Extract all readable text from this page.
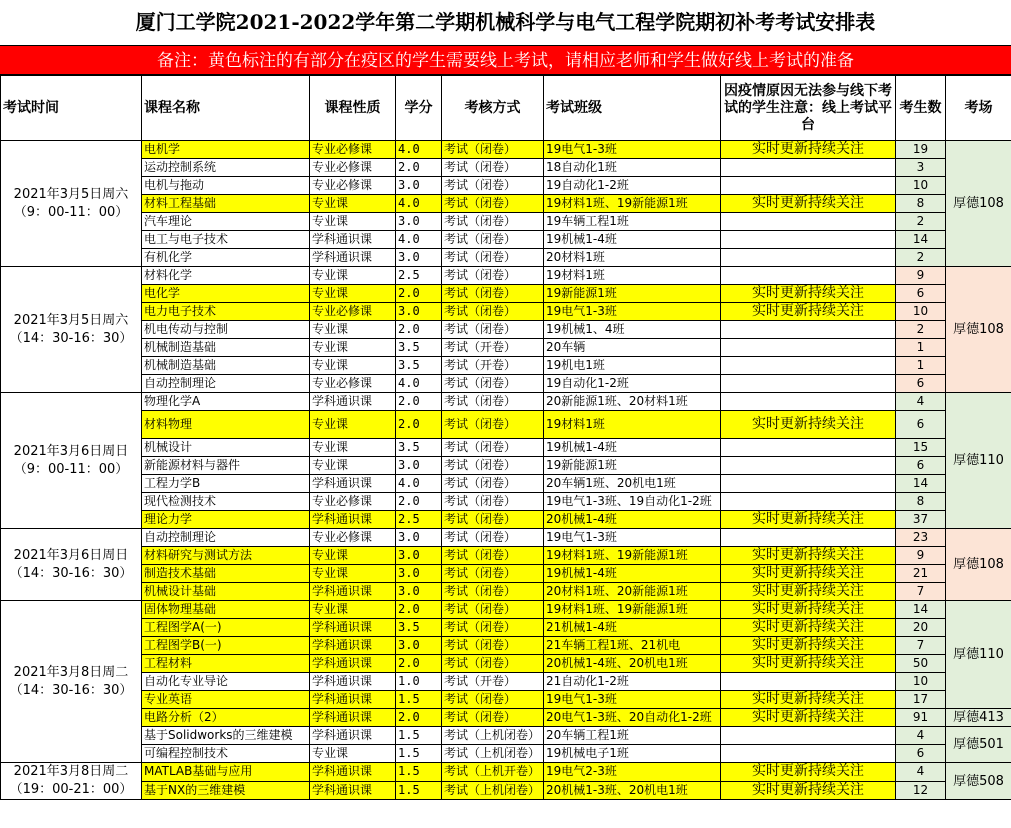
厦门工学院2021-2022学年第二学期机械科学与电气工程学院期初补考考试安排表
备注：黄色标注的有部分在疫区的学生需要线上考试，请相应老师和学生做好线上考试的准备
考试时间	课程名称	课程性质	学分	考核方式	考试班级	因疫情原因无法参与线下考试的学生注意：线上考试平台	考生数	考场
2021年3月5日周六（9：00-11：00）	电机学	专业必修课	4.0	考试（闭卷）	19电气1-3班	实时更新持续关注	19	厚德108
	运动控制系统	专业必修课	2.0	考试（闭卷）	18自动化1班		3	
	电机与拖动	专业必修课	3.0	考试（闭卷）	19自动化1-2班		10	
	材料工程基础	专业课	4.0	考试（闭卷）	19材料1班、19新能源1班	实时更新持续关注	8	
	汽车理论	专业课	3.0	考试（闭卷）	19车辆工程1班		2	
	电工与电子技术	学科通识课	4.0	考试（闭卷）	19机械1-4班		14	
	有机化学	学科通识课	3.0	考试（闭卷）	20材料1班		2	
2021年3月5日周六（14：30-16：30）	材料化学	专业课	2.5	考试（闭卷）	19材料1班		9	厚德108
	电化学	专业课	2.0	考试（闭卷）	19新能源1班	实时更新持续关注	6	
	电力电子技术	专业必修课	3.0	考试（闭卷）	19电气1-3班	实时更新持续关注	10	
	机电传动与控制	专业课	2.0	考试（闭卷）	19机械1、4班		2	
	机械制造基础	专业课	3.5	考试（开卷）	20车辆		1	
	机械制造基础	专业课	3.5	考试（开卷）	19机电1班		1	
	自动控制理论	专业必修课	4.0	考试（闭卷）	19自动化1-2班		6	
2021年3月6日周日（9：00-11：00）	物理化学A	学科通识课	2.0	考试（闭卷）	20新能源1班、20材料1班		4	厚德110
	材料物理	专业课	2.0	考试（闭卷）	19材料1班	实时更新持续关注	6	
	机械设计	专业课	3.5	考试（闭卷）	19机械1-4班		15	
	新能源材料与器件	专业课	3.0	考试（闭卷）	19新能源1班		6	
	工程力学B	学科通识课	4.0	考试（闭卷）	20车辆1班、20机电1班		14	
	现代检测技术	专业必修课	2.0	考试（闭卷）	19电气1-3班、19自动化1-2班		8	
	理论力学	学科通识课	2.5	考试（闭卷）	20机械1-4班	实时更新持续关注	37	
2021年3月6日周日（14：30-16：30）	自动控制理论	专业必修课	3.0	考试（闭卷）	19电气1-3班		23	厚德108
	材料研究与测试方法	专业课	3.0	考试（闭卷）	19材料1班、19新能源1班	实时更新持续关注	9	
	制造技术基础	专业课	3.0	考试（闭卷）	19机械1-4班	实时更新持续关注	21	
	机械设计基础	学科通识课	3.0	考试（闭卷）	20材料1班、20新能源1班	实时更新持续关注	7	
2021年3月8日周二（14：30-16：30）	固体物理基础	专业课	2.0	考试（闭卷）	19材料1班、19新能源1班	实时更新持续关注	14	厚德110
	工程图学A(一)	学科通识课	3.5	考试（闭卷）	21机械1-4班	实时更新持续关注	20	
	工程图学B(一)	学科通识课	3.0	考试（闭卷）	21车辆工程1班、21机电	实时更新持续关注	7	
	工程材料	学科通识课	2.0	考试（闭卷）	20机械1-4班、20机电1班	实时更新持续关注	50	
	自动化专业导论	学科通识课	1.0	考试（开卷）	21自动化1-2班		10	
	专业英语	学科通识课	1.5	考试（闭卷）	19电气1-3班	实时更新持续关注	17	
	电路分析（2）	学科通识课	2.0	考试（闭卷）	20电气1-3班、20自动化1-2班	实时更新持续关注	91	厚德413
	基于Solidworks的三维建模	学科通识课	1.5	考试（上机闭卷）	20车辆工程1班		4	厚德501
	可编程控制技术	专业课	1.5	考试（上机闭卷）	19机械电子1班		6	
2021年3月8日周二（19：00-21：00）	MATLAB基础与应用	学科通识课	1.5	考试（上机开卷）	19电气2-3班	实时更新持续关注	4	厚德508
	基于NX的三维建模	学科通识课	1.5	考试（上机闭卷）	20机械1-3班、20机电1班	实时更新持续关注	12	
